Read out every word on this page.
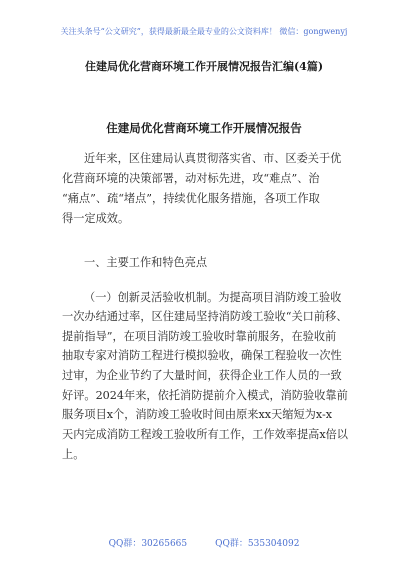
关注头条号“公文研究”，获得最新最全最专业的公文资料库！ 微信：gongwenyj
住建局优化营商环境工作开展情况报告汇编(4篇)
住建局优化营商环境工作开展情况报告
近年来，区住建局认真贯彻落实省、市、区委关于优
化营商环境的决策部署，动对标先进，攻“难点”、治
“痛点”、疏“堵点”，持续优化服务措施，各项工作取
得一定成效。
一、主要工作和特色亮点
（一）创新灵活验收机制。为提高项目消防竣工验收
一次办结通过率，区住建局坚持消防竣工验收“关口前移、
提前指导”，在项目消防竣工验收时靠前服务，在验收前
抽取专家对消防工程进行模拟验收，确保工程验收一次性
过审，为企业节约了大量时间，获得企业工作人员的一致
好评。2024年来，依托消防提前介入模式，消防验收靠前
服务项目x个，消防竣工验收时间由原来xx天缩短为x-x
天内完成消防工程竣工验收所有工作，工作效率提高x倍以
上。
QQ群：30265665	QQ群：535304092
